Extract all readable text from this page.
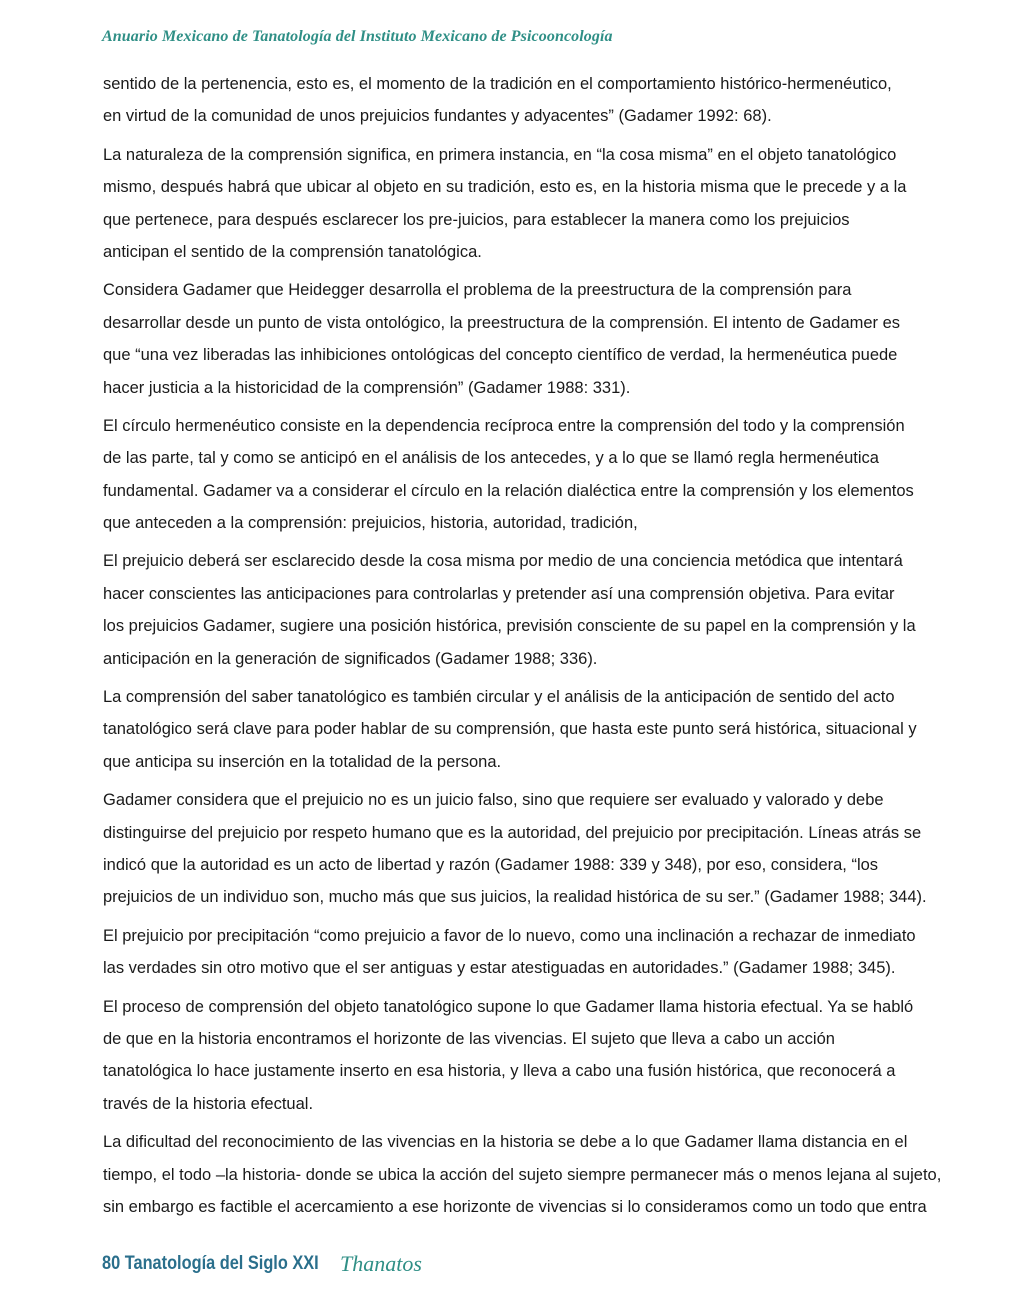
Anuario Mexicano de Tanatología del Instituto Mexicano de Psicooncología
sentido de la pertenencia, esto es, el momento de la tradición en el comportamiento histórico-hermenéutico,
en virtud de la comunidad de unos prejuicios fundantes y adyacentes” (Gadamer 1992: 68).
La naturaleza de la comprensión significa, en primera instancia, en “la cosa misma” en el objeto tanatológico
mismo, después habrá que ubicar al objeto en su tradición, esto es, en la historia misma que le precede y a la
que pertenece, para después esclarecer los pre-juicios, para establecer la manera como los prejuicios
anticipan el sentido de la comprensión tanatológica.
Considera Gadamer que Heidegger desarrolla el problema de la preestructura de la comprensión para
desarrollar desde un punto de vista ontológico, la preestructura de la comprensión. El intento de Gadamer es
que “una vez liberadas las inhibiciones ontológicas del concepto científico de verdad, la hermenéutica puede
hacer justicia a la historicidad de la comprensión” (Gadamer 1988: 331).
El círculo hermenéutico consiste en la dependencia recíproca entre la comprensión del todo y la comprensión
de las parte, tal y como se anticipó en el análisis de los antecedes, y a lo que se llamó regla hermenéutica
fundamental. Gadamer va a considerar el círculo en la relación dialéctica entre la comprensión y los elementos
que anteceden a la comprensión: prejuicios, historia, autoridad, tradición,
El prejuicio deberá ser esclarecido desde la cosa misma por medio de una conciencia metódica que intentará
hacer conscientes las anticipaciones para controlarlas y pretender así una comprensión objetiva. Para evitar
los prejuicios Gadamer, sugiere una posición histórica, previsión consciente de su papel en la comprensión y la
anticipación en la generación de significados (Gadamer 1988; 336).
La comprensión del saber tanatológico es también circular y el análisis de la anticipación de sentido del acto
tanatológico será clave para poder hablar de su comprensión, que hasta este punto será histórica, situacional y
que anticipa su inserción en la totalidad de la persona.
Gadamer considera que el prejuicio no es un juicio falso, sino que requiere ser evaluado y valorado y debe
distinguirse del prejuicio por respeto humano que es la autoridad, del prejuicio por precipitación. Líneas atrás se
indicó que la autoridad es un acto de libertad y razón (Gadamer 1988: 339 y 348), por eso, considera, “los
prejuicios de un individuo son, mucho más que sus juicios, la realidad histórica de su ser.” (Gadamer 1988; 344).
El prejuicio por precipitación “como prejuicio a favor de lo nuevo, como una inclinación a rechazar de inmediato
las verdades sin otro motivo que el ser antiguas y estar atestiguadas en autoridades.” (Gadamer 1988; 345).
El proceso de comprensión del objeto tanatológico supone lo que Gadamer llama historia efectual. Ya se habló
de que en la historia encontramos el horizonte de las vivencias. El sujeto que lleva a cabo un acción
tanatológica lo hace justamente inserto en esa historia, y lleva a cabo una fusión histórica, que reconocerá a
través de la historia efectual.
La dificultad del reconocimiento de las vivencias en la historia se debe a lo que Gadamer llama distancia en el
tiempo, el todo –la historia- donde se ubica la acción del sujeto siempre permanecer más o menos lejana al sujeto,
sin embargo es factible el acercamiento a ese horizonte de vivencias si lo consideramos como un todo que entra
80 Tanatología del Siglo XXI Thanatos
